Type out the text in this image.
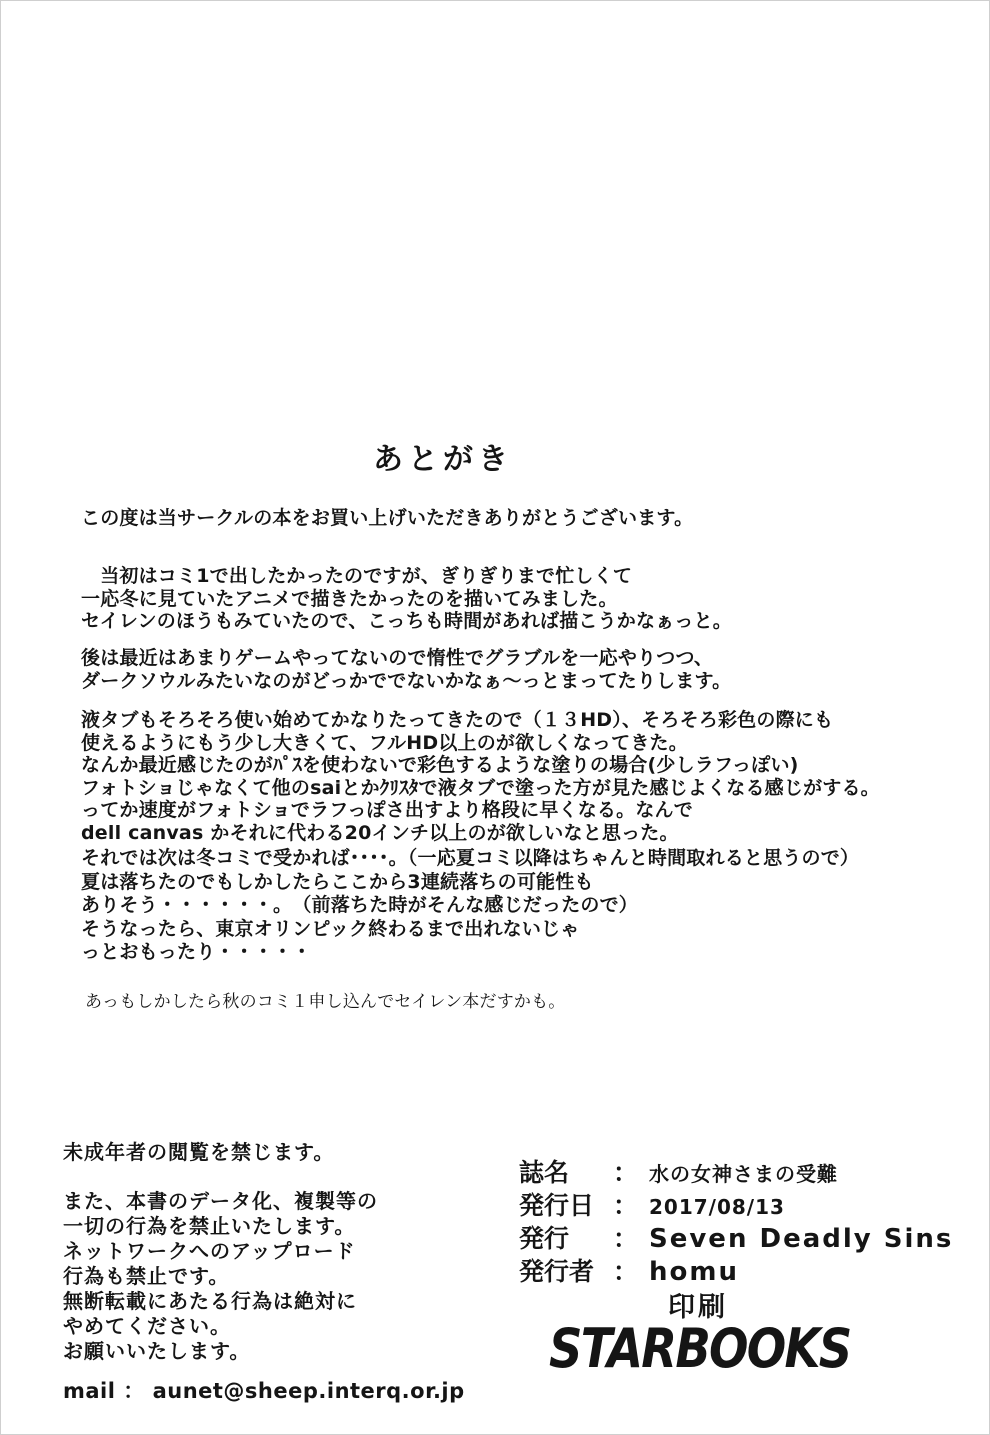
あとがき
この度は当サークルの本をお買い上げいただきありがとうございます。
　当初はコミ1で出したかったのですが、ぎりぎりまで忙しくて
一応冬に見ていたアニメで描きたかったのを描いてみました。
セイレンのほうもみていたので、こっちも時間があれば描こうかなぁっと。
後は最近はあまりゲームやってないので惰性でグラブルを一応やりつつ、
ダークソウルみたいなのがどっかででないかなぁ～っとまってたりします。
液タブもそろそろ使い始めてかなりたってきたので（１３HD）、そろそろ彩色の際にも
使えるようにもう少し大きくて、フルHD以上のが欲しくなってきた。
なんか最近感じたのがﾊﾟｽを使わないで彩色するような塗りの場合(少しラフっぽい)
フォトショじゃなくて他のsaiとかｸﾘｽﾀで液タブで塗った方が見た感じよくなる感じがする。
ってか速度がフォトショでラフっぽさ出すより格段に早くなる。なんで
dell canvas かそれに代わる20インチ以上のが欲しいなと思った。
それでは次は冬コミで受かれば････。（一応夏コミ以降はちゃんと時間取れると思うので）
夏は落ちたのでもしかしたらここから3連続落ちの可能性も
ありそう・・・・・・。　（前落ちた時がそんな感じだったので）
そうなったら、東京オリンピック終わるまで出れないじゃ
っとおもったり・・・・・
あっもしかしたら秋のコミ１申し込んでセイレン本だすかも。
未成年者の閲覧を禁じます。
また、本書のデータ化、複製等の
一切の行為を禁止いたします。
ネットワークへのアップロード
行為も禁止です。
無断転載にあたる行為は絶対に
やめてください。
お願いいたします。
mail ： aunet@sheep.interq.or.jp
誌名	： 水の女神さまの受難
発行日 ： 2017/08/13
発行	： Seven Deadly Sins
発行者 ： homu
印刷
STARBOOKS
